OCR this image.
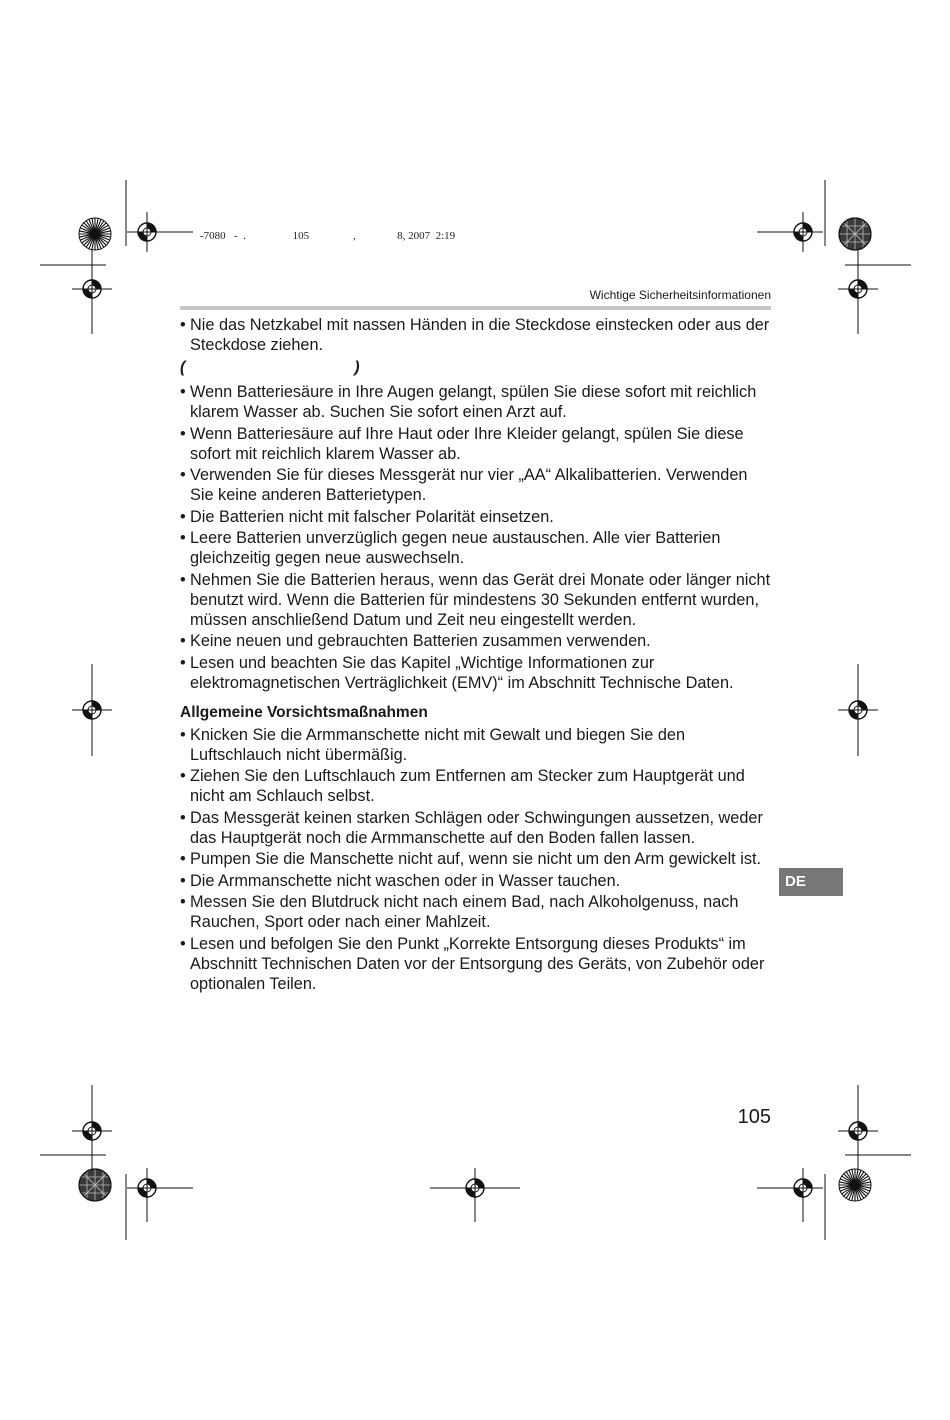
-7080   -  .                 105                ,               8, 2007  2:19
Wichtige Sicherheitsinformationen
• Nie das Netzkabel mit nassen Händen in die Steckdose einstecken oder aus der Steckdose ziehen.
(                                      )
• Wenn Batteriesäure in Ihre Augen gelangt, spülen Sie diese sofort mit reichlich klarem Wasser ab. Suchen Sie sofort einen Arzt auf.
• Wenn Batteriesäure auf Ihre Haut oder Ihre Kleider gelangt, spülen Sie diese sofort mit reichlich klarem Wasser ab.
• Verwenden Sie für dieses Messgerät nur vier „AA“ Alkalibatterien. Verwenden Sie keine anderen Batterietypen.
• Die Batterien nicht mit falscher Polarität einsetzen.
• Leere Batterien unverzüglich gegen neue austauschen. Alle vier Batterien gleichzeitig gegen neue auswechseln.
• Nehmen Sie die Batterien heraus, wenn das Gerät drei Monate oder länger nicht benutzt wird. Wenn die Batterien für mindestens 30 Sekunden entfernt wurden, müssen anschließend Datum und Zeit neu eingestellt werden.
• Keine neuen und gebrauchten Batterien zusammen verwenden.
• Lesen und beachten Sie das Kapitel „Wichtige Informationen zur elektromagnetischen Verträglichkeit (EMV)“ im Abschnitt Technische Daten.
Allgemeine Vorsichtsmaßnahmen
• Knicken Sie die Armmanschette nicht mit Gewalt und biegen Sie den Luftschlauch nicht übermäßig.
• Ziehen Sie den Luftschlauch zum Entfernen am Stecker zum Hauptgerät und nicht am Schlauch selbst.
• Das Messgerät keinen starken Schlägen oder Schwingungen aussetzen, weder das Hauptgerät noch die Armmanschette auf den Boden fallen lassen.
• Pumpen Sie die Manschette nicht auf, wenn sie nicht um den Arm gewickelt ist.
• Die Armmanschette nicht waschen oder in Wasser tauchen.
• Messen Sie den Blutdruck nicht nach einem Bad, nach Alkoholgenuss, nach Rauchen, Sport oder nach einer Mahlzeit.
• Lesen und befolgen Sie den Punkt „Korrekte Entsorgung dieses Produkts“ im Abschnitt Technischen Daten vor der Entsorgung des Geräts, von Zubehör oder optionalen Teilen.
DE
105
